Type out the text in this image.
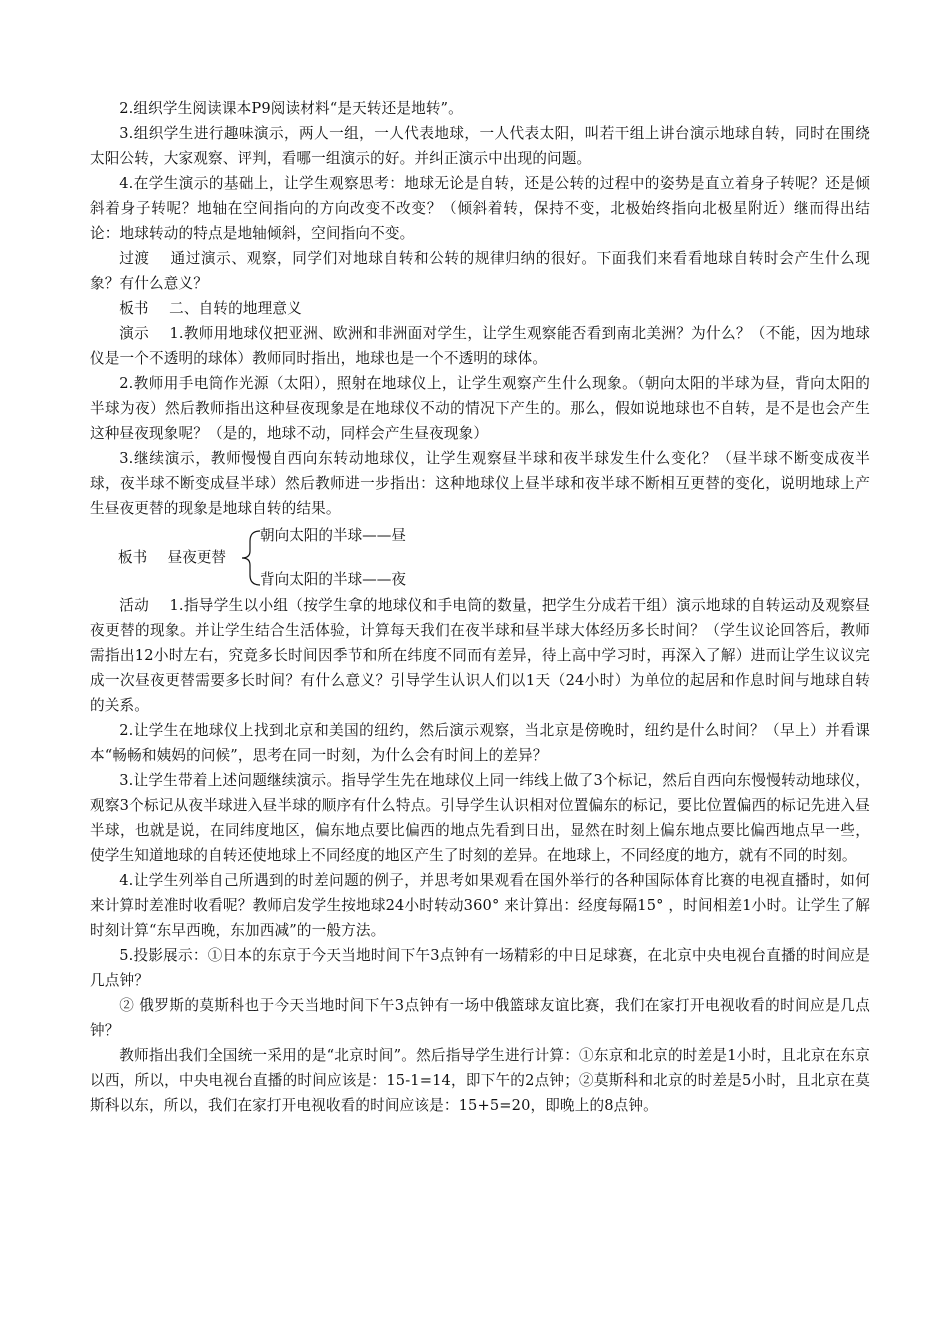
2.组织学生阅读课本P9阅读材料“是天转还是地转”。

3.组织学生进行趣味演示，两人一组，一人代表地球，一人代表太阳，叫若干组上讲台演示地球自转，同时在围绕太阳公转，大家观察、评判，看哪一组演示的好。并纠正演示中出现的问题。

4.在学生演示的基础上，让学生观察思考：地球无论是自转，还是公转的过程中的姿势是直立着身子转呢？还是倾斜着身子转呢？地轴在空间指向的方向改变不改变？（倾斜着转，保持不变，北极始终指向北极星附近）继而得出结论：地球转动的特点是地轴倾斜，空间指向不变。

过渡 通过演示、观察，同学们对地球自转和公转的规律归纳的很好。下面我们来看看地球自转时会产生什么现象？有什么意义？

板书 二、自转的地理意义

演示 1.教师用地球仪把亚洲、欧洲和非洲面对学生，让学生观察能否看到南北美洲？为什么？（不能，因为地球仪是一个不透明的球体）教师同时指出，地球也是一个不透明的球体。

2.教师用手电筒作光源（太阳），照射在地球仪上，让学生观察产生什么现象。（朝向太阳的半球为昼，背向太阳的半球为夜）然后教师指出这种昼夜现象是在地球仪不动的情况下产生的。那么，假如说地球也不自转，是不是也会产生这种昼夜现象呢？（是的，地球不动，同样会产生昼夜现象）

3.继续演示，教师慢慢自西向东转动地球仪，让学生观察昼半球和夜半球发生什么变化？（昼半球不断变成夜半球，夜半球不断变成昼半球）然后教师进一步指出：这种地球仪上昼半球和夜半球不断相互更替的变化，说明地球上产生昼夜更替的现象是地球自转的结果。

板书 昼夜更替
朝向太阳的半球——昼
背向太阳的半球——夜

活动 1.指导学生以小组（按学生拿的地球仪和手电筒的数量，把学生分成若干组）演示地球的自转运动及观察昼夜更替的现象。并让学生结合生活体验，计算每天我们在夜半球和昼半球大体经历多长时间？（学生议论回答后，教师需指出12小时左右，究竟多长时间因季节和所在纬度不同而有差异，待上高中学习时，再深入了解）进而让学生议议完成一次昼夜更替需要多长时间？有什么意义？引导学生认识人们以1天（24小时）为单位的起居和作息时间与地球自转的关系。

2.让学生在地球仪上找到北京和美国的纽约，然后演示观察，当北京是傍晚时，纽约是什么时间？（早上）并看课本“畅畅和姨妈的问候”，思考在同一时刻，为什么会有时间上的差异？

3.让学生带着上述问题继续演示。指导学生先在地球仪上同一纬线上做了3个标记，然后自西向东慢慢转动地球仪，观察3个标记从夜半球进入昼半球的顺序有什么特点。引导学生认识相对位置偏东的标记，要比位置偏西的标记先进入昼半球，也就是说，在同纬度地区，偏东地点要比偏西的地点先看到日出，显然在时刻上偏东地点要比偏西地点早一些，使学生知道地球的自转还使地球上不同经度的地区产生了时刻的差异。在地球上，不同经度的地方，就有不同的时刻。

4.让学生列举自己所遇到的时差问题的例子，并思考如果观看在国外举行的各种国际体育比赛的电视直播时，如何来计算时差准时收看呢？教师启发学生按地球24小时转动360° 来计算出：经度每隔15° ，时间相差1小时。让学生了解时刻计算“东早西晚，东加西减”的一般方法。

5.投影展示：①日本的东京于今天当地时间下午3点钟有一场精彩的中日足球赛，在北京中央电视台直播的时间应是几点钟？

② 俄罗斯的莫斯科也于今天当地时间下午3点钟有一场中俄篮球友谊比赛，我们在家打开电视收看的时间应是几点钟？

教师指出我们全国统一采用的是“北京时间”。然后指导学生进行计算：①东京和北京的时差是1小时，且北京在东京以西，所以，中央电视台直播的时间应该是：15-1=14，即下午的2点钟；②莫斯科和北京的时差是5小时，且北京在莫斯科以东，所以，我们在家打开电视收看的时间应该是：15+5=20，即晚上的8点钟。
